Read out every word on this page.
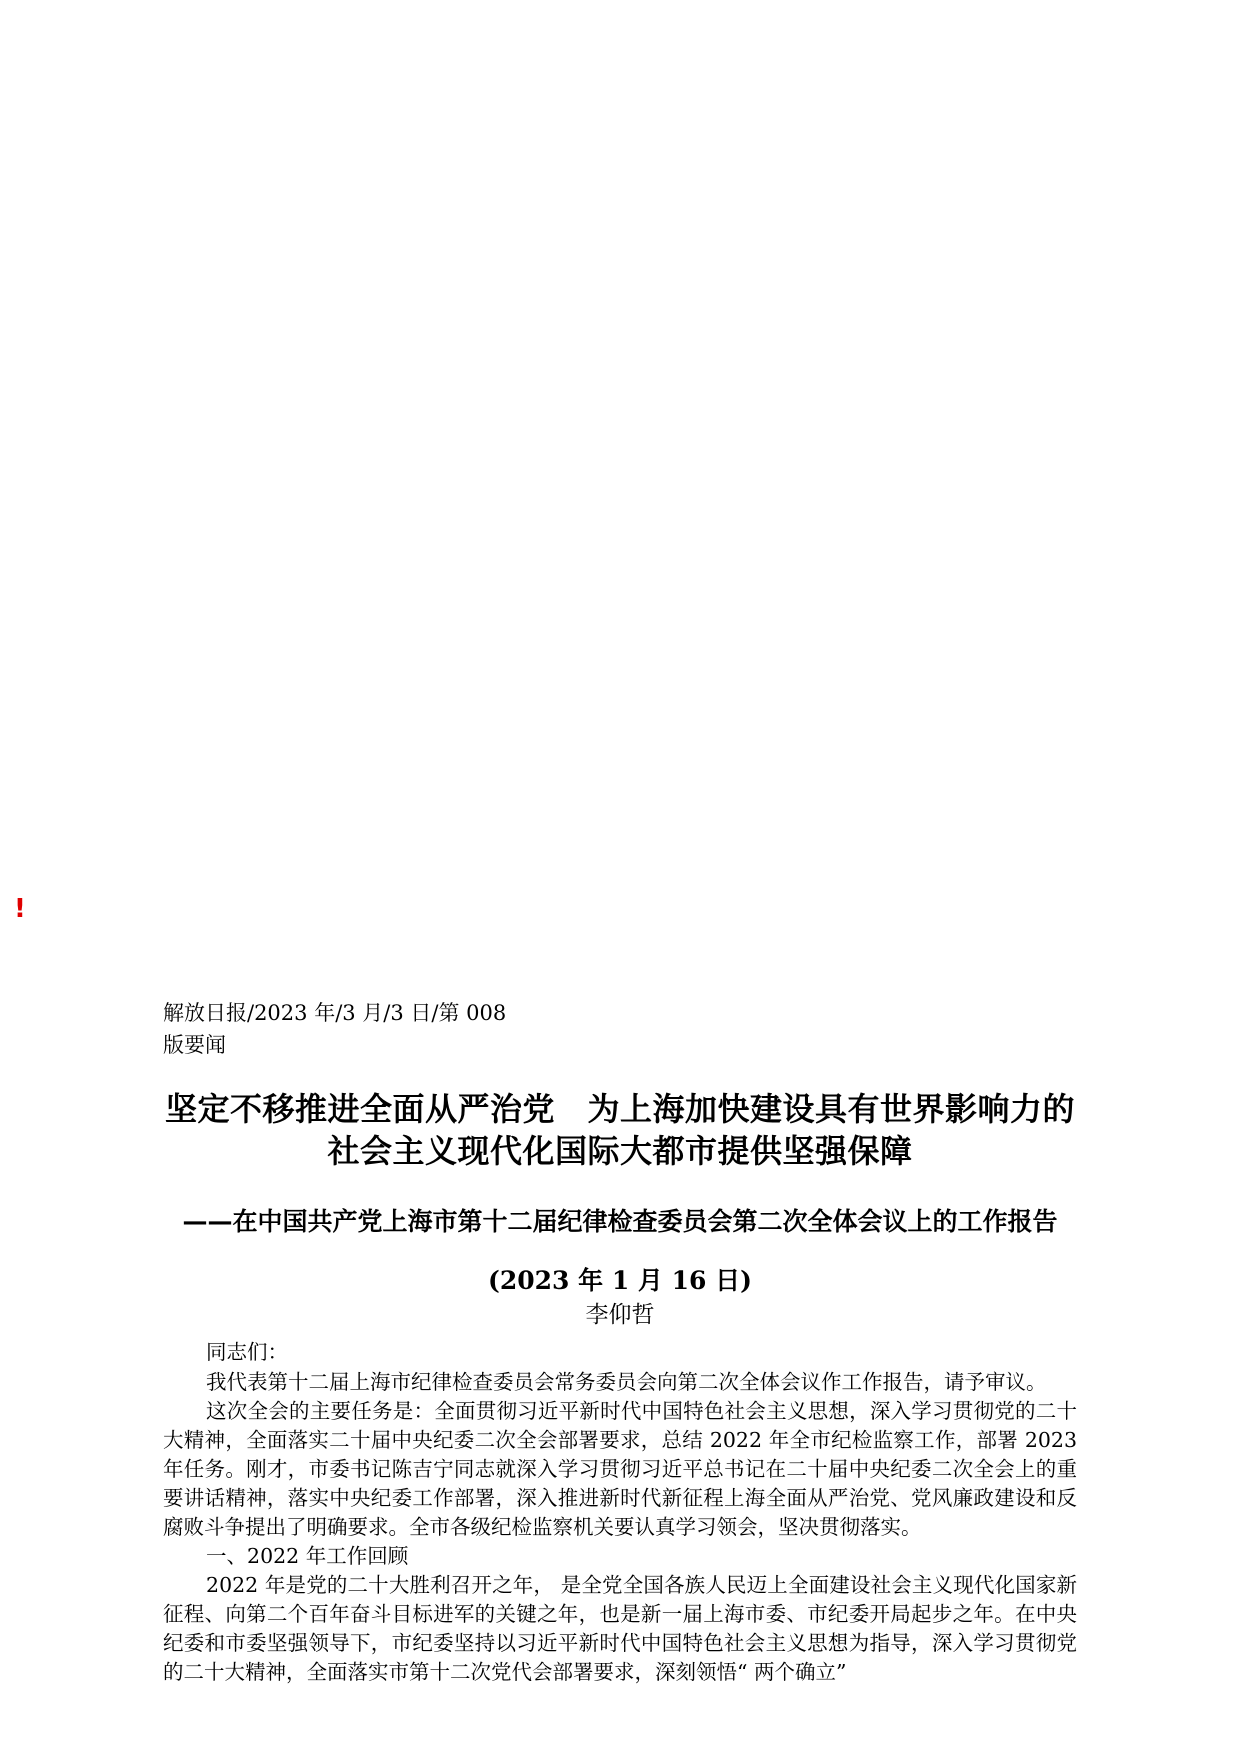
!
解放日报/2023 年/3 月/3 日/第 008
版要闻
坚定不移推进全面从严治党　为上海加快建设具有世界影响力的社会主义现代化国际大都市提供坚强保障
——在中国共产党上海市第十二届纪律检查委员会第二次全体会议上的工作报告
(2023 年 1 月 16 日)
李仰哲

同志们：

我代表第十二届上海市纪律检查委员会常务委员会向第二次全体会议作工作报告，请予审议。

这次全会的主要任务是：全面贯彻习近平新时代中国特色社会主义思想，深入学习贯彻党的二十大精神，全面落实二十届中央纪委二次全会部署要求，总结 2022 年全市纪检监察工作，部署 2023 年任务。刚才，市委书记陈吉宁同志就深入学习贯彻习近平总书记在二十届中央纪委二次全会上的重要讲话精神，落实中央纪委工作部署，深入推进新时代新征程上海全面从严治党、党风廉政建设和反腐败斗争提出了明确要求。全市各级纪检监察机关要认真学习领会，坚决贯彻落实。

一、2022 年工作回顾

2022 年是党的二十大胜利召开之年， 是全党全国各族人民迈上全面建设社会主义现代化国家新征程、向第二个百年奋斗目标进军的关键之年，也是新一届上海市委、市纪委开局起步之年。在中央纪委和市委坚强领导下，市纪委坚持以习近平新时代中国特色社会主义思想为指导，深入学习贯彻党的二十大精神，全面落实市第十二次党代会部署要求，深刻领悟“ 两个确立”
